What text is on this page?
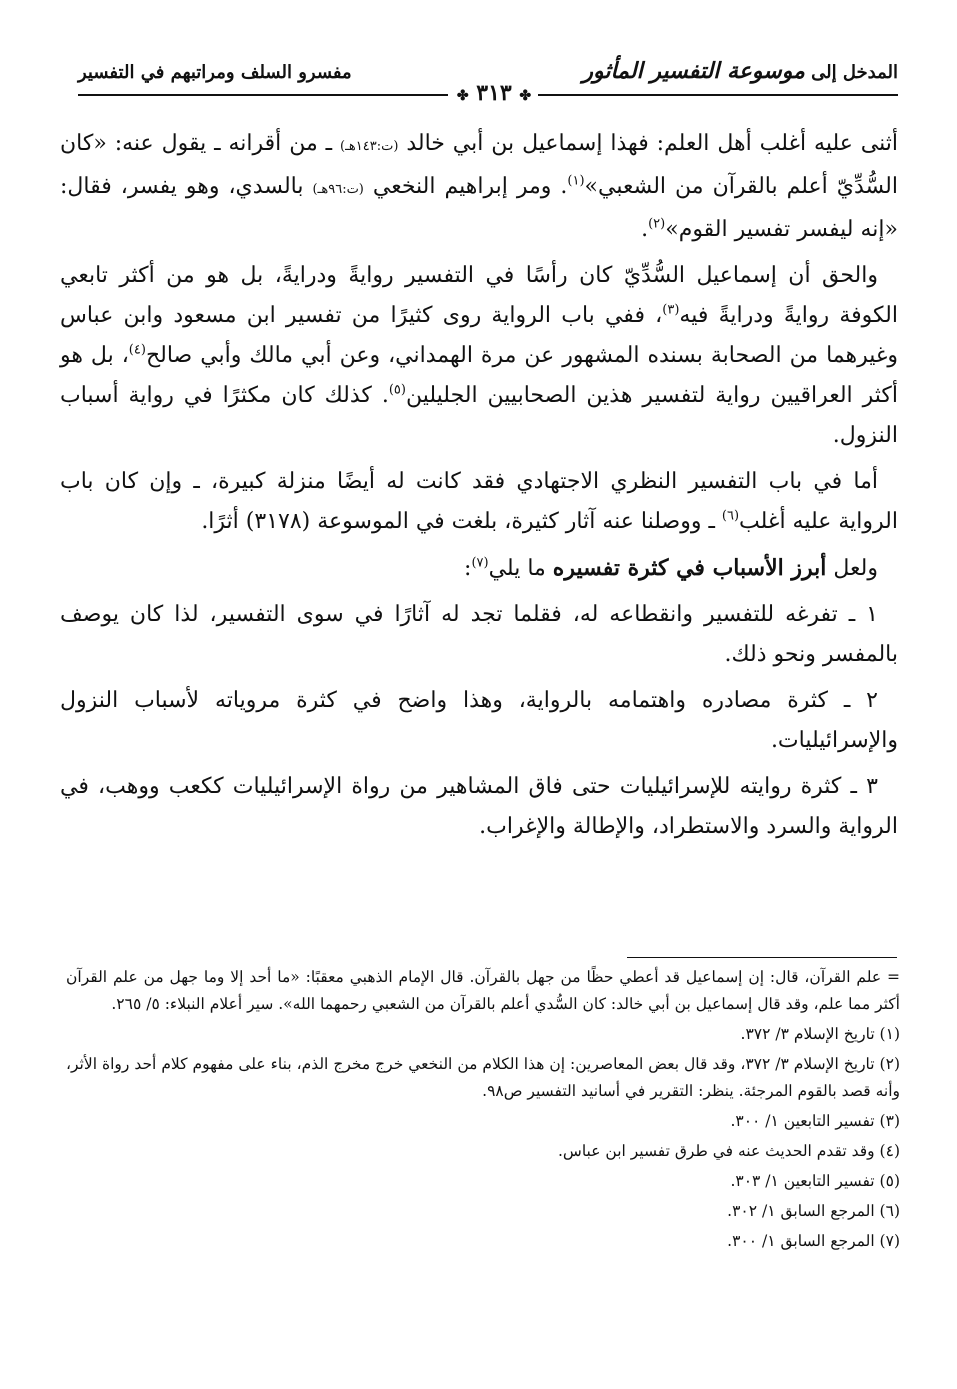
المدخل إلى موسوعة التفسير المأثور
✤ ٣١٣ ✤
مفسرو السلف ومراتبهم في التفسير

أثنى عليه أغلب أهل العلم: فهذا إسماعيل بن أبي خالد (ت:١٤٣هـ) ـ من أقرانه ـ يقول عنه: «كان السُّدِّيّ أعلم بالقرآن من الشعبي»$^{(١)}$. ومر إبراهيم النخعي (ت:٩٦هـ) بالسدي، وهو يفسر، فقال: «إنه ليفسر تفسير القوم»$^{(٢)}$.

والحق أن إسماعيل السُّدِّيّ كان رأسًا في التفسير روايةً ودرايةً، بل هو من أكثر تابعي الكوفة روايةً ودرايةً فيه$^{(٣)}$، ففي باب الرواية روى كثيرًا من تفسير ابن مسعود وابن عباس وغيرهما من الصحابة بسنده المشهور عن مرة الهمداني، وعن أبي مالك وأبي صالح$^{(٤)}$، بل هو أكثر العراقيين رواية لتفسير هذين الصحابيين الجليلين$^{(٥)}$. كذلك كان مكثرًا في رواية أسباب النزول.

أما في باب التفسير النظري الاجتهادي فقد كانت له أيضًا منزلة كبيرة، ـ وإن كان باب الرواية عليه أغلب$^{(٦)}$ ـ ووصلنا عنه آثار كثيرة، بلغت في الموسوعة (٣١٧٨) أثرًا.

ولعل أبرز الأسباب في كثرة تفسيره ما يلي$^{(٧)}$:

١ ـ تفرغه للتفسير وانقطاعه له، فقلما تجد له آثارًا في سوى التفسير، لذا كان يوصف بالمفسر ونحو ذلك.

٢ ـ كثرة مصادره واهتمامه بالرواية، وهذا واضح في كثرة مروياته لأسباب النزول والإسرائيليات.

٣ ـ كثرة روايته للإسرائيليات حتى فاق المشاهير من رواة الإسرائيليات ككعب ووهب، في الرواية والسرد والاستطراد، والإطالة والإغراب.

= علم القرآن، قال: إن إسماعيل قد أعطي حظًا من جهل بالقرآن. قال الإمام الذهبي معقبًا: «ما أحد إلا وما جهل من علم القرآن أكثر مما علم، وقد قال إسماعيل بن أبي خالد: كان السُّدي أعلم بالقرآن من الشعبي رحمهما الله». سير أعلام النبلاء: ٥/ ٢٦٥.

(١) تاريخ الإسلام ٣/ ٣٧٢.

(٢) تاريخ الإسلام ٣/ ٣٧٢، وقد قال بعض المعاصرين: إن هذا الكلام من النخعي خرج مخرج الذم، بناء على مفهوم كلام أحد رواة الأثر، وأنه قصد بالقوم المرجئة. ينظر: التقرير في أسانيد التفسير ص٩٨.

(٣) تفسير التابعين ١/ ٣٠٠.

(٤) وقد تقدم الحديث عنه في طرق تفسير ابن عباس.

(٥) تفسير التابعين ١/ ٣٠٣.

(٦) المرجع السابق ١/ ٣٠٢.

(٧) المرجع السابق ١/ ٣٠٠.
